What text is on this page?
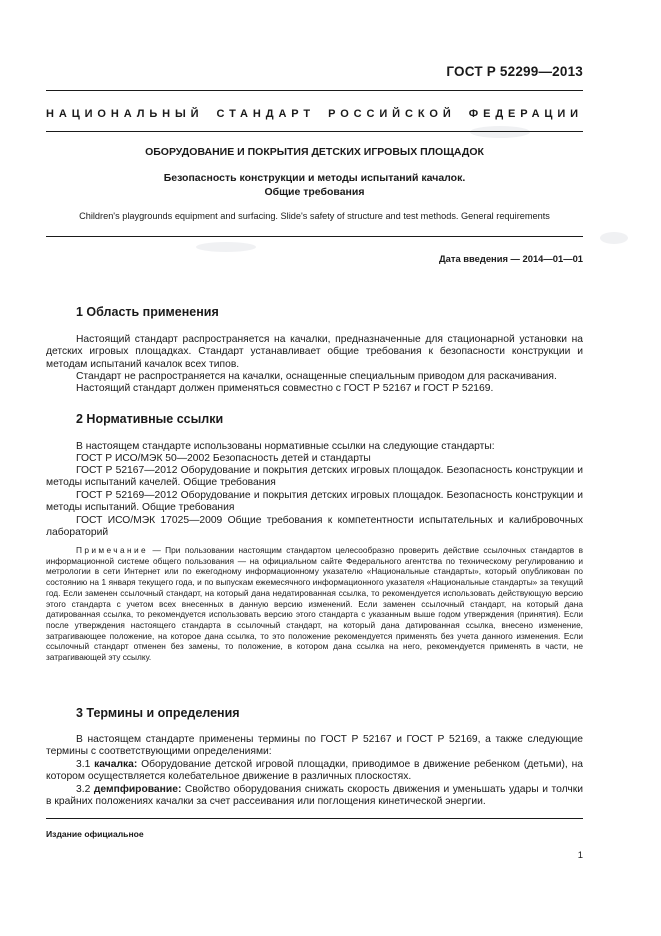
ГОСТ Р 52299—2013
НАЦИОНАЛЬНЫЙ СТАНДАРТ РОССИЙСКОЙ ФЕДЕРАЦИИ
ОБОРУДОВАНИЕ И ПОКРЫТИЯ ДЕТСКИХ ИГРОВЫХ ПЛОЩАДОК
Безопасность конструкции и методы испытаний качалок.
Общие требования
Children's playgrounds equipment and surfacing. Slide's safety of structure and test methods. General requirements
Дата введения — 2014—01—01
1 Область применения
Настоящий стандарт распространяется на качалки, предназначенные для стационарной установки на детских игровых площадках. Стандарт устанавливает общие требования к безопасности конструкции и методам испытаний качалок всех типов.
Стандарт не распространяется на качалки, оснащенные специальным приводом для раскачивания.
Настоящий стандарт должен применяться совместно с ГОСТ Р 52167 и ГОСТ Р 52169.
2 Нормативные ссылки
В настоящем стандарте использованы нормативные ссылки на следующие стандарты:
ГОСТ Р ИСО/МЭК 50—2002 Безопасность детей и стандарты
ГОСТ Р 52167—2012 Оборудование и покрытия детских игровых площадок. Безопасность конструкции и методы испытаний качелей. Общие требования
ГОСТ Р 52169—2012 Оборудование и покрытия детских игровых площадок. Безопасность конструкции и методы испытаний. Общие требования
ГОСТ ИСО/МЭК 17025—2009 Общие требования к компетентности испытательных и калибровочных лабораторий
Примечание — При пользовании настоящим стандартом целесообразно проверить действие ссылочных стандартов в информационной системе общего пользования — на официальном сайте Федерального агентства по техническому регулированию и метрологии в сети Интернет или по ежегодному информационному указателю «Национальные стандарты», который опубликован по состоянию на 1 января текущего года, и по выпускам ежемесячного информационного указателя «Национальные стандарты» за текущий год. Если заменен ссылочный стандарт, на который дана недатированная ссылка, то рекомендуется использовать действующую версию этого стандарта с учетом всех внесенных в данную версию изменений. Если заменен ссылочный стандарт, на который дана датированная ссылка, то рекомендуется использовать версию этого стандарта с указанным выше годом утверждения (принятия). Если после утверждения настоящего стандарта в ссылочный стандарт, на который дана датированная ссылка, внесено изменение, затрагивающее положение, на которое дана ссылка, то это положение рекомендуется применять без учета данного изменения. Если ссылочный стандарт отменен без замены, то положение, в котором дана ссылка на него, рекомендуется применять в части, не затрагивающей эту ссылку.
3 Термины и определения
В настоящем стандарте применены термины по ГОСТ Р 52167 и ГОСТ Р 52169, а также следующие термины с соответствующими определениями:
3.1 качалка: Оборудование детской игровой площадки, приводимое в движение ребенком (детьми), на котором осуществляется колебательное движение в различных плоскостях.
3.2 демпфирование: Свойство оборудования снижать скорость движения и уменьшать удары и толчки в крайних положениях качалки за счет рассеивания или поглощения кинетической энергии.
Издание официальное
1
